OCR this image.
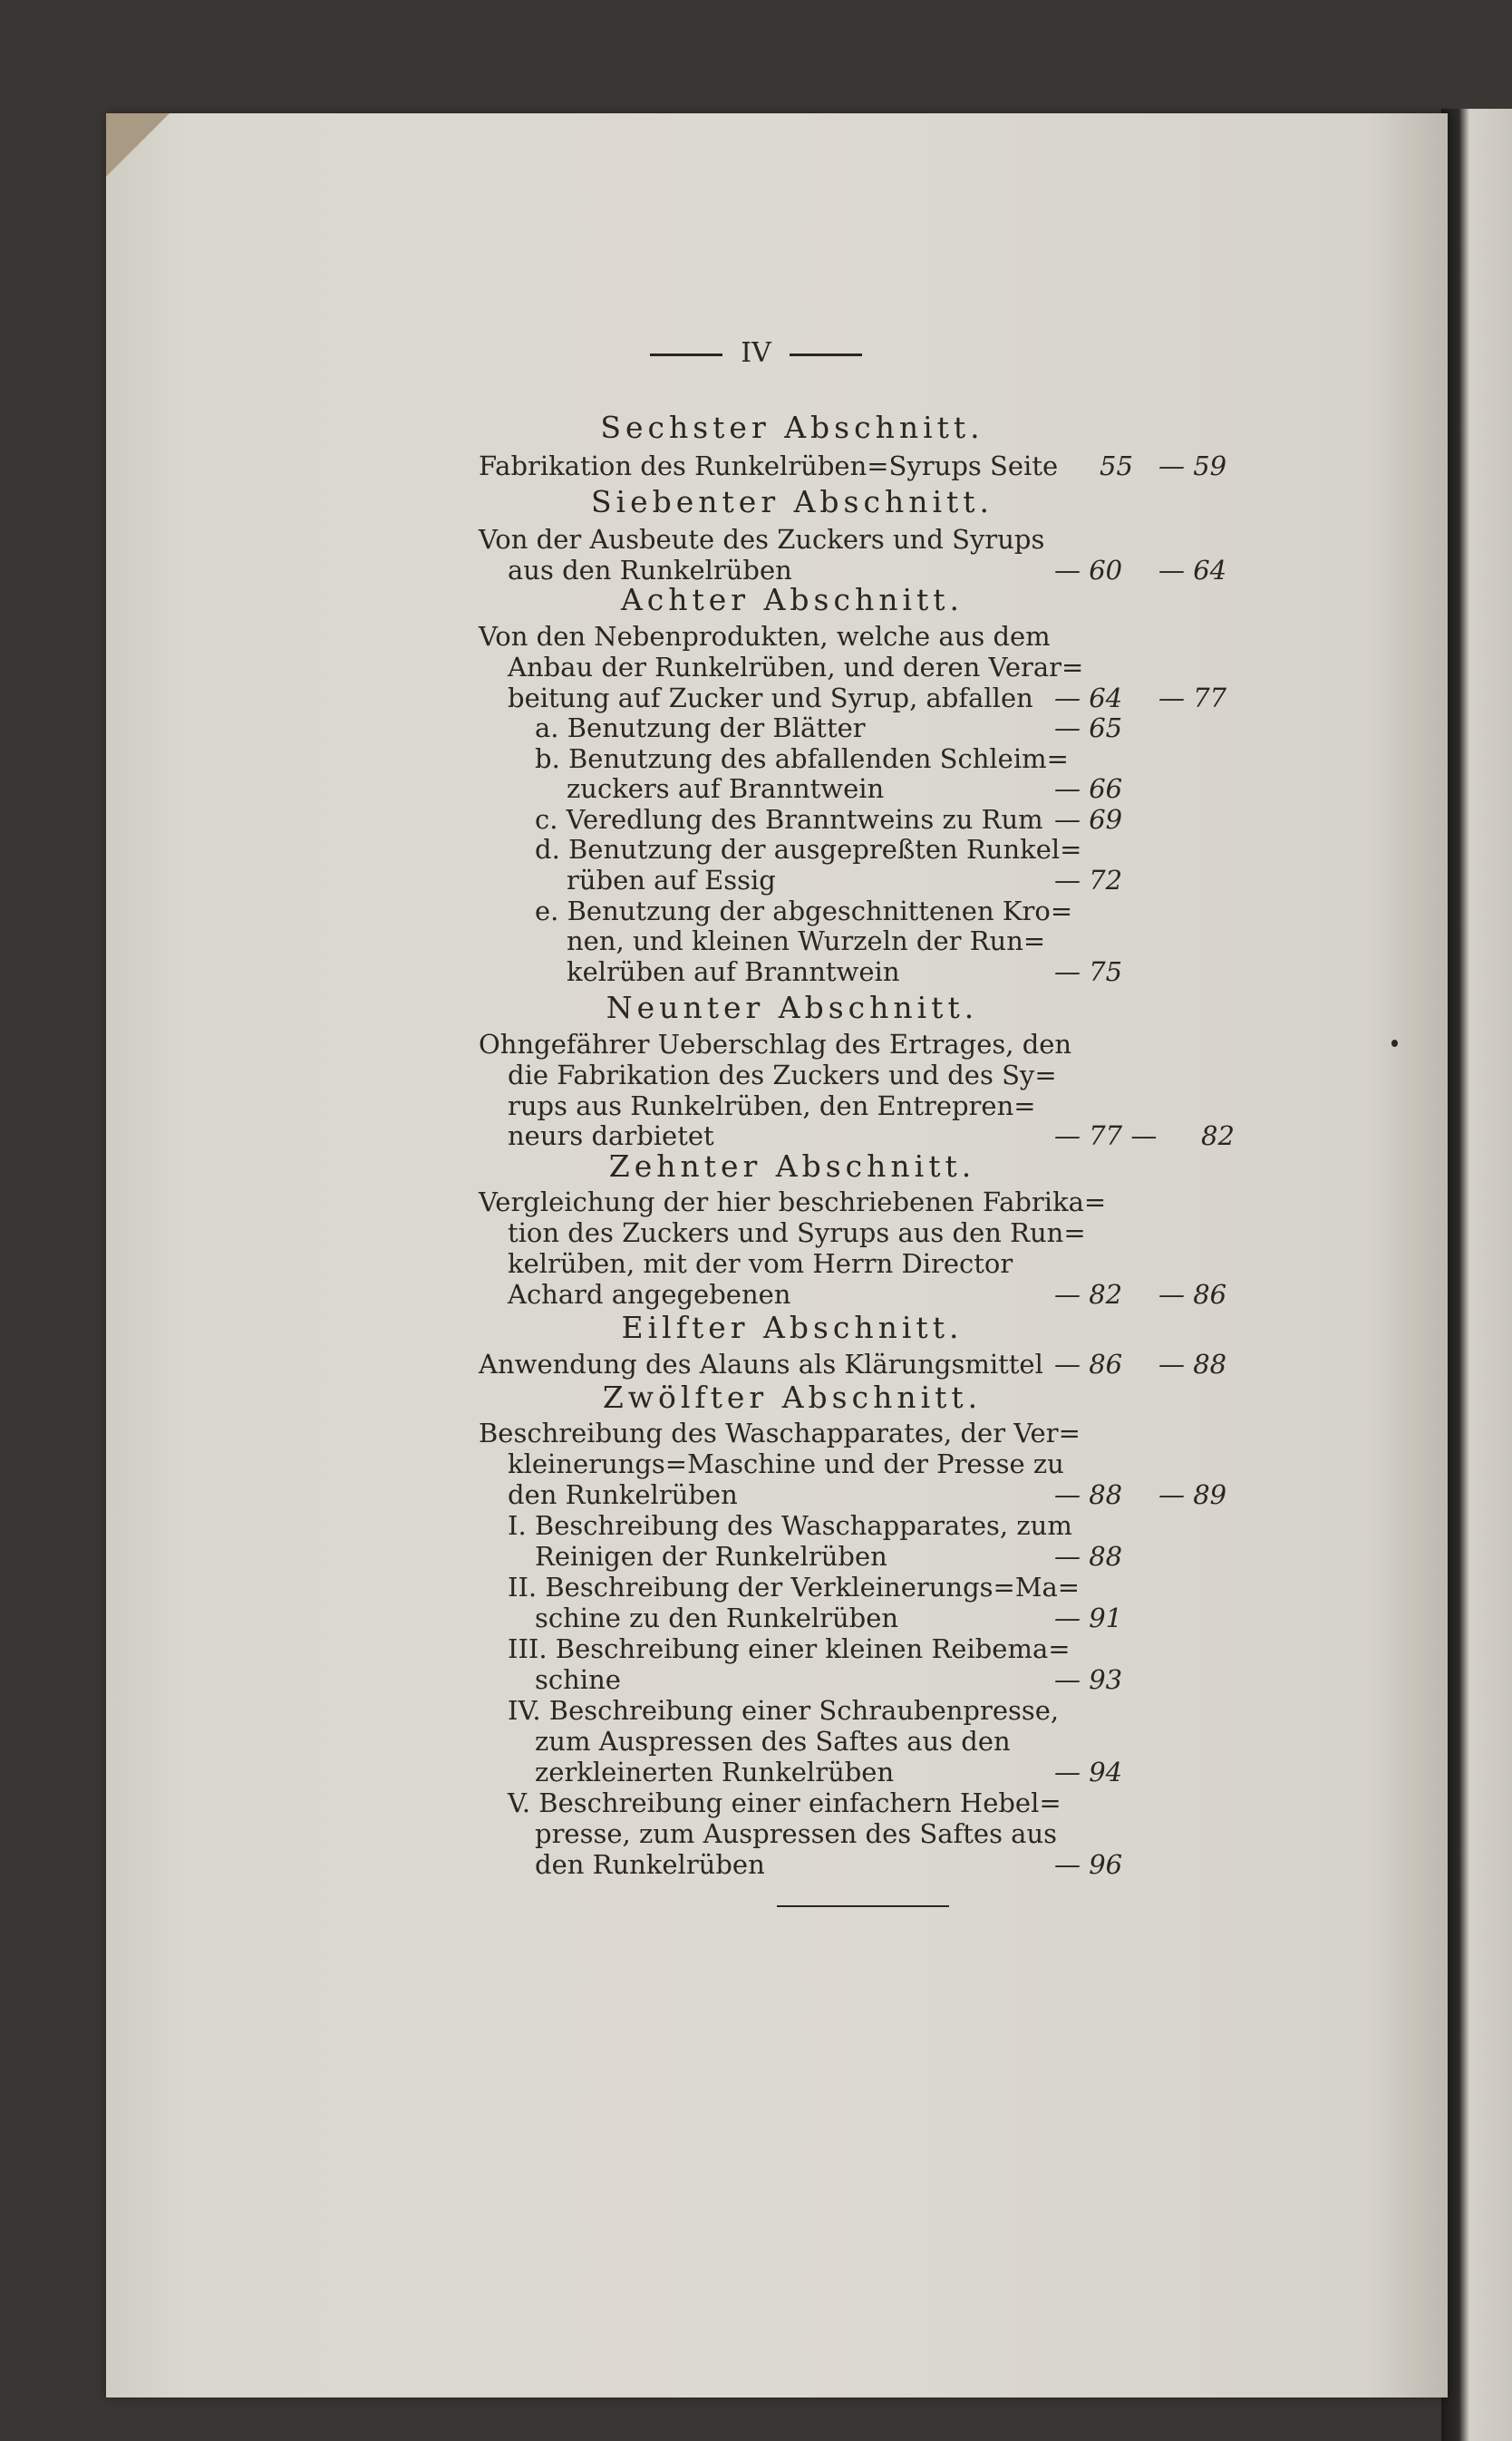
IV
Sechster Abschnitt.
Fabrikation des Runkelrüben=Syrups Seite
Siebenter Abschnitt.
Von der Ausbeute des Zuckers und Syrups
aus den Runkelrüben
Achter Abschnitt.
Von den Nebenprodukten, welche aus dem
Anbau der Runkelrüben, und deren Verar=
beitung auf Zucker und Syrup, abfallen
a. Benutzung der Blätter
b. Benutzung des abfallenden Schleim=
zuckers auf Branntwein
c. Veredlung des Branntweins zu Rum
d. Benutzung der ausgepreßten Runkel=
rüben auf Essig
e. Benutzung der abgeschnittenen Kro=
nen, und kleinen Wurzeln der Run=
kelrüben auf Branntwein
Neunter Abschnitt.
Ohngefährer Ueberschlag des Ertrages, den
die Fabrikation des Zuckers und des Sy=
rups aus Runkelrüben, den Entrepren=
neurs darbietet
Zehnter Abschnitt.
Vergleichung der hier beschriebenen Fabrika=
tion des Zuckers und Syrups aus den Run=
kelrüben, mit der vom Herrn Director
Achard angegebenen
Eilfter Abschnitt.
Anwendung des Alauns als Klärungsmittel
Zwölfter Abschnitt.
Beschreibung des Waschapparates, der Ver=
kleinerungs=Maschine und der Presse zu
den Runkelrüben
I. Beschreibung des Waschapparates, zum
Reinigen der Runkelrüben
II. Beschreibung der Verkleinerungs=Ma=
schine zu den Runkelrüben
III. Beschreibung einer kleinen Reibema=
schine
IV. Beschreibung einer Schraubenpresse,
zum Auspressen des Saftes aus den
zerkleinerten Runkelrüben
V. Beschreibung einer einfachern Hebel=
presse, zum Auspressen des Saftes aus
den Runkelrüben
55 — 59
— 60 — 64
— 64 — 77
— 65
— 66
— 69
— 72
— 75
— 77 — 82
— 82 — 86
— 86 — 88
— 88 — 89
— 88
— 91
— 93
— 94
— 96
